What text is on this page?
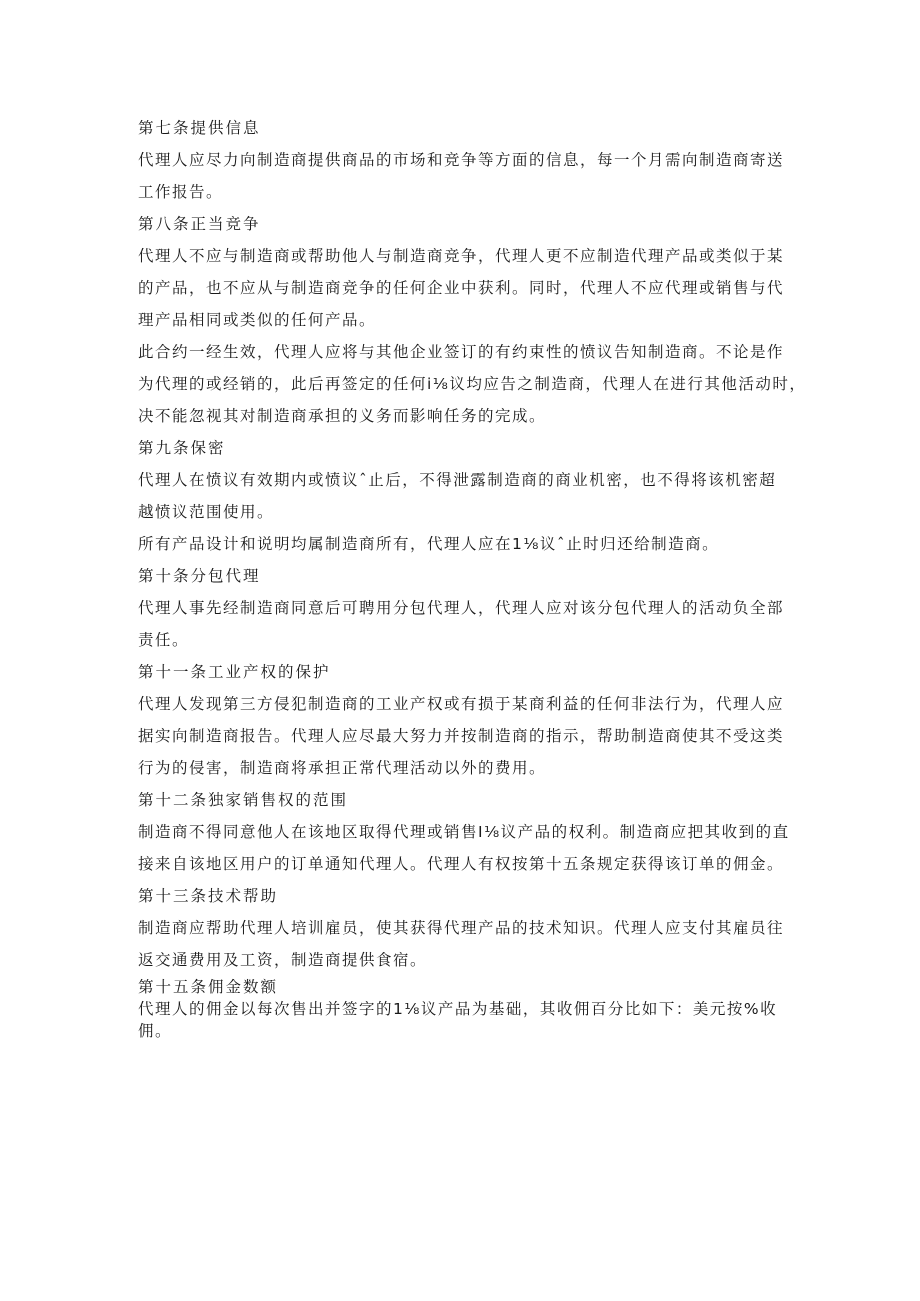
第七条提供信息
代理人应尽力向制造商提供商品的市场和竞争等方面的信息，每一个月需向制造商寄送
工作报告。
第八条正当竞争
代理人不应与制造商或帮助他人与制造商竞争，代理人更不应制造代理产品或类似于某
的产品，也不应从与制造商竞争的任何企业中获利。同时，代理人不应代理或销售与代
理产品相同或类似的任何产品。
此合约一经生效，代理人应将与其他企业签订的有约束性的愤议告知制造商。不论是作
为代理的或经销的，此后再签定的任何i⅛议均应告之制造商，代理人在进行其他活动时，
决不能忽视其对制造商承担的义务而影响任务的完成。
第九条保密
代理人在愤议有效期内或愤议ˆ止后，不得泄露制造商的商业机密，也不得将该机密超
越愤议范围使用。
所有产品设计和说明均属制造商所有，代理人应在1⅛议ˆ止时归还给制造商。
第十条分包代理
代理人事先经制造商同意后可聘用分包代理人，代理人应对该分包代理人的活动负全部
责任。
第十一条工业产权的保护
代理人发现第三方侵犯制造商的工业产权或有损于某商利益的任何非法行为，代理人应
据实向制造商报告。代理人应尽最大努力并按制造商的指示，帮助制造商使其不受这类
行为的侵害，制造商将承担正常代理活动以外的费用。
第十二条独家销售权的范围
制造商不得同意他人在该地区取得代理或销售I⅛议产品的权利。制造商应把其收到的直
接来自该地区用户的订单通知代理人。代理人有权按第十五条规定获得该订单的佣金。
第十三条技术帮助
制造商应帮助代理人培训雇员，使其获得代理产品的技术知识。代理人应支付其雇员往
返交通费用及工资，制造商提供食宿。
第十五条佣金数额
代理人的佣金以每次售出并签字的1⅛议产品为基础，其收佣百分比如下：美元按%收
佣。
